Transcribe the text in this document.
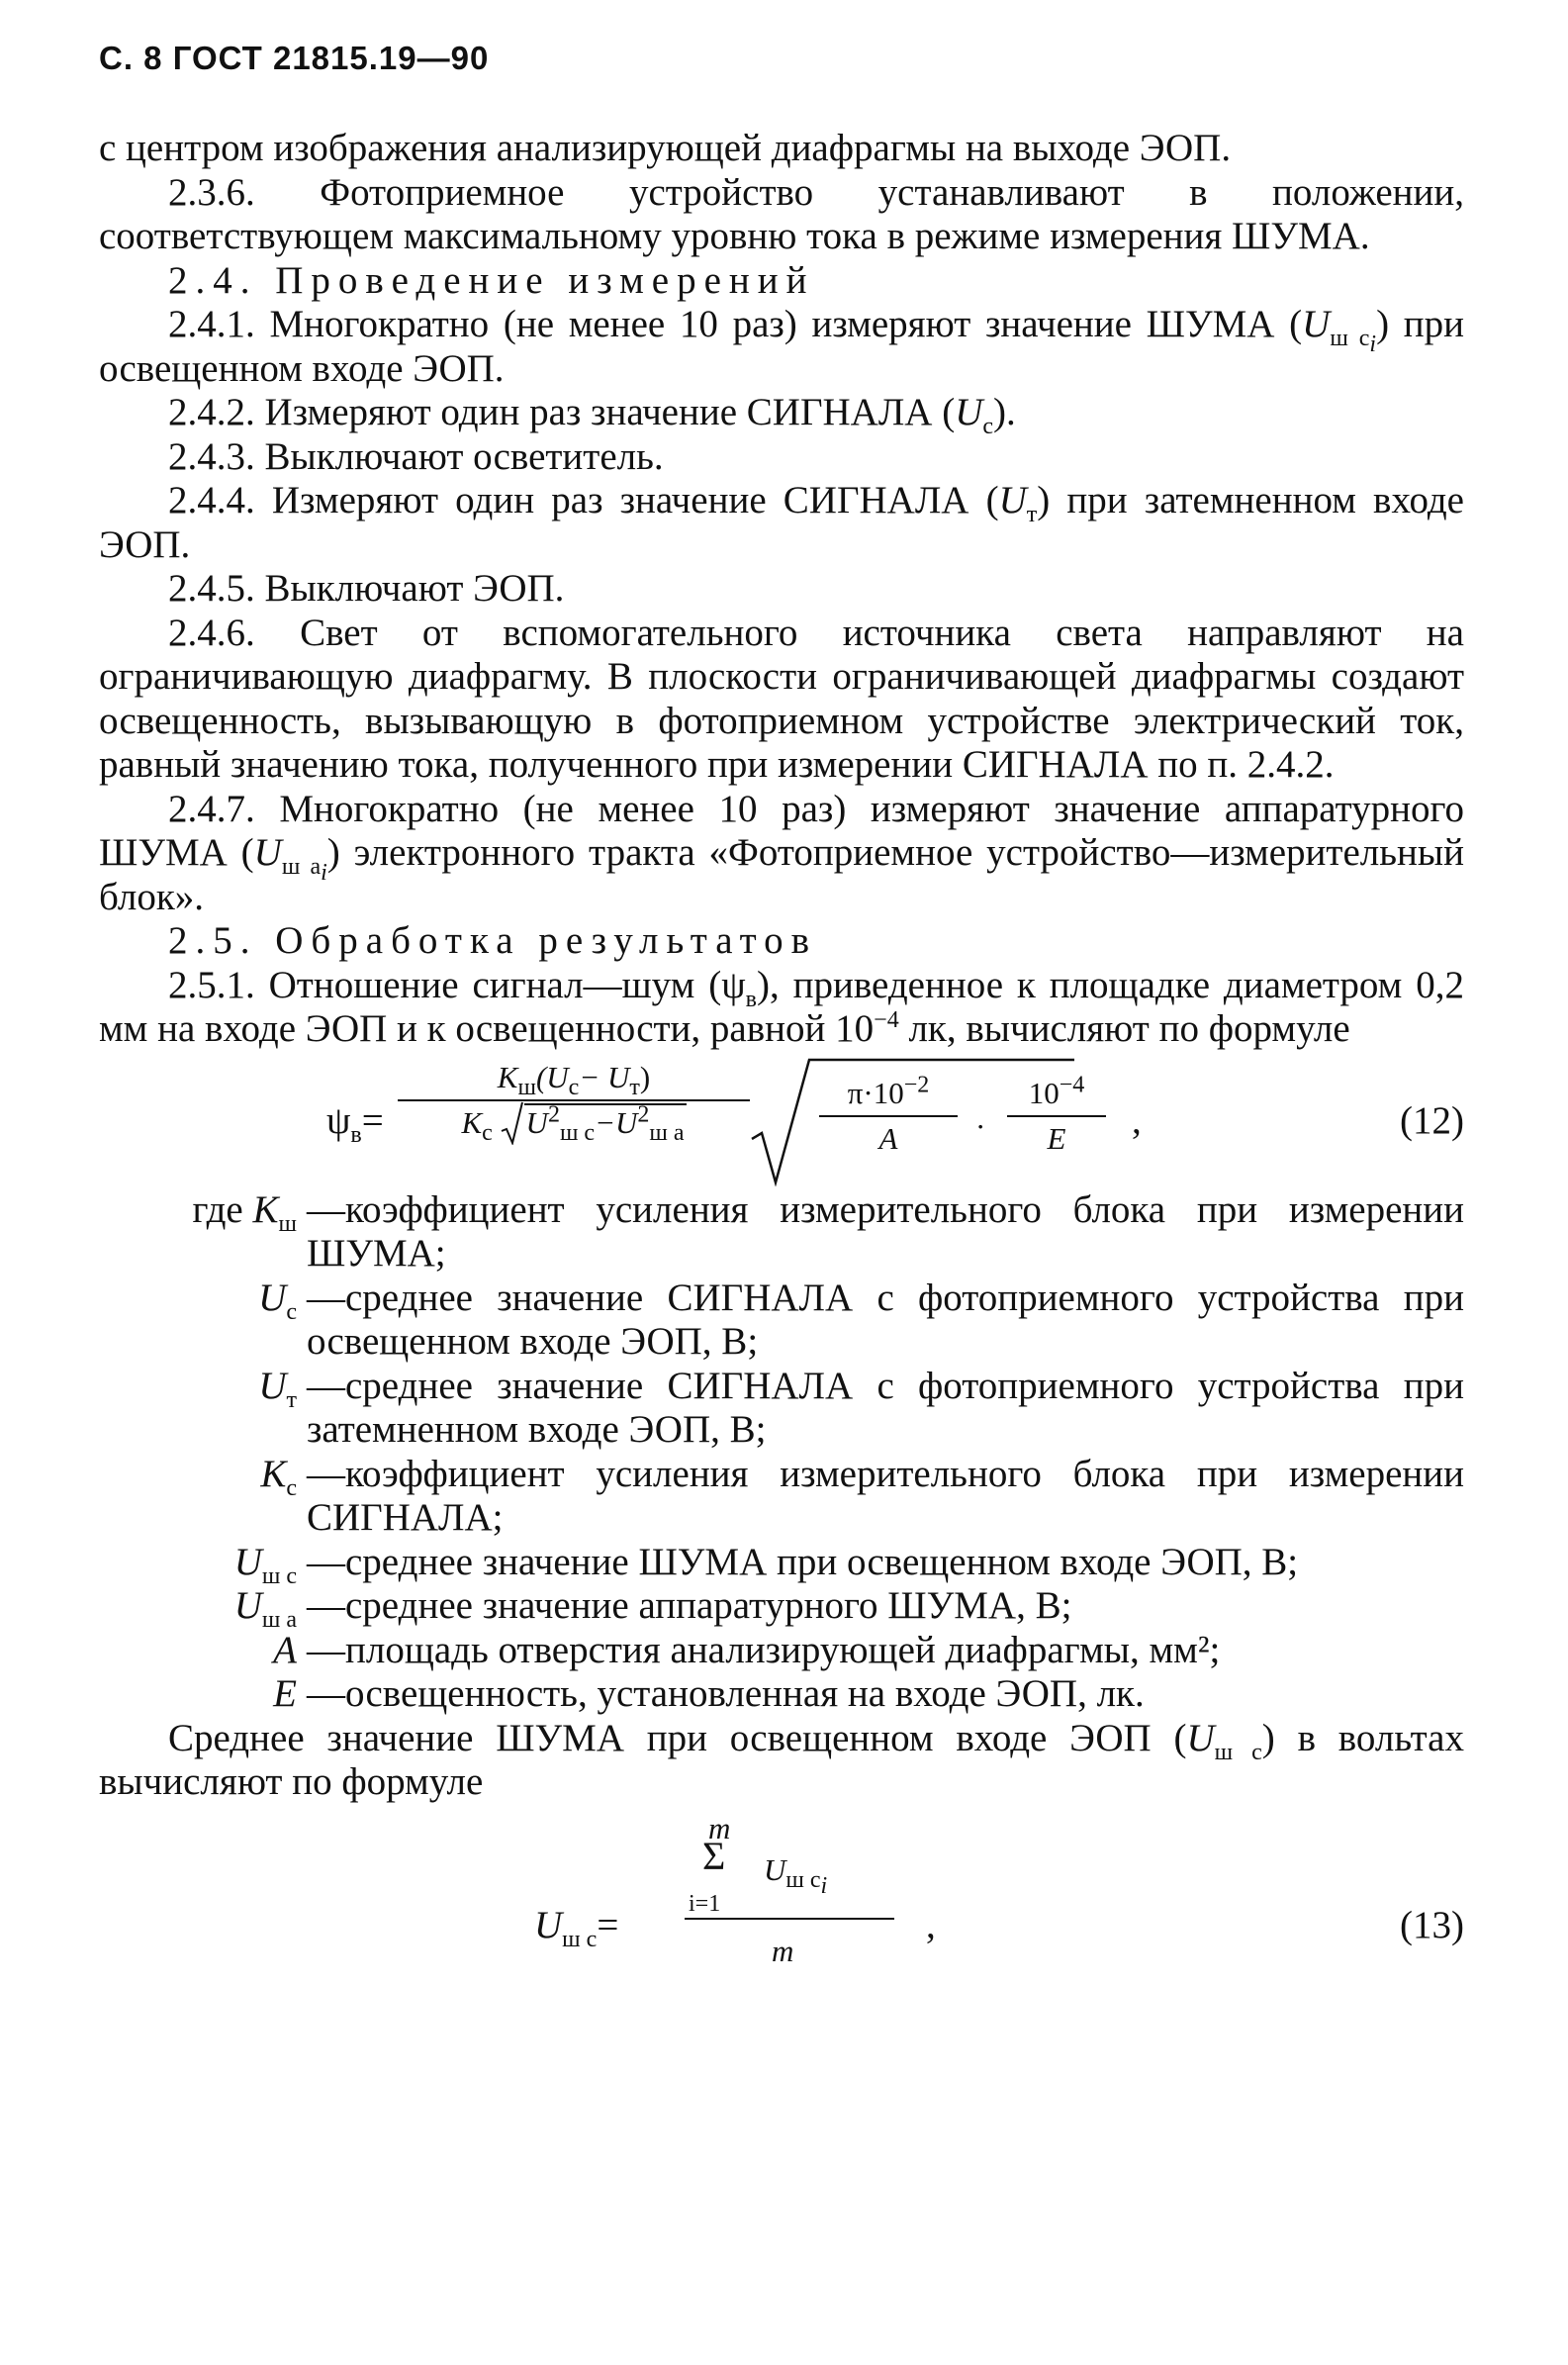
С. 8 ГОСТ 21815.19—90

с центром изображения анализирующей диафрагмы на выходе ЭОП.

2.3.6. Фотоприемное устройство устанавливают в положении, соответствующем максимальному уровню тока в режиме измерения ШУМА.

2.4. Проведение измерений

2.4.1. Многократно (не менее 10 раз) измеряют значение ШУМА $(U_{ш c_i})$ при освещенном входе ЭОП.

2.4.2. Измеряют один раз значение СИГНАЛА $(U_c)$.

2.4.3. Выключают осветитель.

2.4.4. Измеряют один раз значение СИГНАЛА $(U_т)$ при затемненном входе ЭОП.

2.4.5. Выключают ЭОП.

2.4.6. Свет от вспомогательного источника света направляют на ограничивающую диафрагму. В плоскости ограничивающей диафрагмы создают освещенность, вызывающую в фотоприемном устройстве электрический ток, равный значению тока, полученного при измерении СИГНАЛА по п. 2.4.2.

2.4.7. Многократно (не менее 10 раз) измеряют значение аппаратурного ШУМА $(U_{ш а_i})$ электронного тракта «Фотоприемное устройство—измерительный блок».

2.5. Обработка результатов

2.5.1. Отношение сигнал—шум $(\psi_в)$, приведенное к площадке диаметром 0,2 мм на входе ЭОП и к освещенности, равной $10^{-4}$ лк, вычисляют по формуле

$\psi_в=$
$K_ш(U_c- U_т)$
$K_c$ $U^2_{ш c}-U^2_{ш a}$
$\pi\cdot 10^{-2}$
A	·
$10^{-4}$
E	,	(12)
где $K_ш$ —коэффициент усиления измерительного блока при измерении ШУМА;
$U_c$ —среднее значение СИГНАЛА с фотоприемного устройства при освещенном входе ЭОП, В;
$U_т$ —среднее значение СИГНАЛА с фотоприемного устройства при затемненном входе ЭОП, В;
$K_c$ —коэффициент усиления измерительного блока при измерении СИГНАЛА;
$U_{ш c}$ —среднее значение ШУМА при освещенном входе ЭОП, В;
$U_{ш а}$ —среднее значение аппаратурного ШУМА, В;
A —площадь отверстия анализирующей диафрагмы, мм²;
E —освещенность, установленная на входе ЭОП, лк.

Среднее значение ШУМА при освещенном входе ЭОП $(U_{ш c})$ в вольтах вычисляют по формуле

$U_{ш c}=$
m
Σ
i=1
$U_{ш c_i}$
m
,	(13)
